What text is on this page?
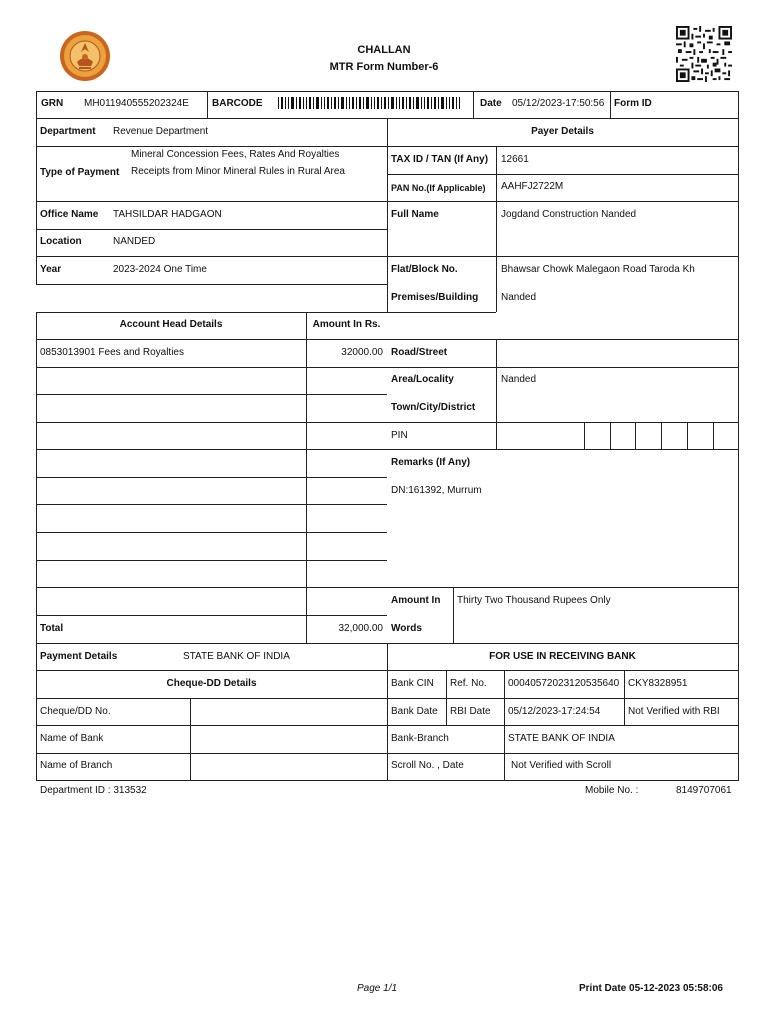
CHALLAN
MTR Form Number-6
GRN MH011940555202324E BARCODE	Date 05/12/2023-17:50:56 Form ID
Department Revenue Department
Mineral Concession Fees, Rates And Royalties
Type of Payment Receipts from Minor Mineral Rules in Rural Area
Office Name TAHSILDAR HADGAON
Location	NANDED
Year	2023-2024 One Time
Payer Details
TAX ID / TAN (If Any) 12661
PAN No.(If Applicable) AAHFJ2722M
Full Name	Jogdand Construction Nanded
Flat/Block No.	Bhawsar Chowk Malegaon Road Taroda Kh
Premises/Building Nanded
Road/Street
Area/Locality	Nanded
Town/City/District
PIN
Remarks (If Any)
DN:161392, Murrum
Amount In Thirty Two Thousand Rupees Only
Words
Account Head Details	Amount In Rs.
0853013901 Fees and Royalties	32000.00
Total	32,000.00
Payment Details	STATE BANK OF INDIA	FOR USE IN RECEIVING BANK
Cheque-DD Details	Bank CIN Ref. No. 00040572023120535640 CKY8328951
Cheque/DD No.	Bank Date RBI Date 05/12/2023-17:24:54	Not Verified with RBI
Name of Bank	Bank-Branch	STATE BANK OF INDIA
Name of Branch	Scroll No. , Date	Not Verified with Scroll
Department ID : 313532	Mobile No. :	8149707061
Page 1/1	Print Date 05-12-2023 05:58:06
